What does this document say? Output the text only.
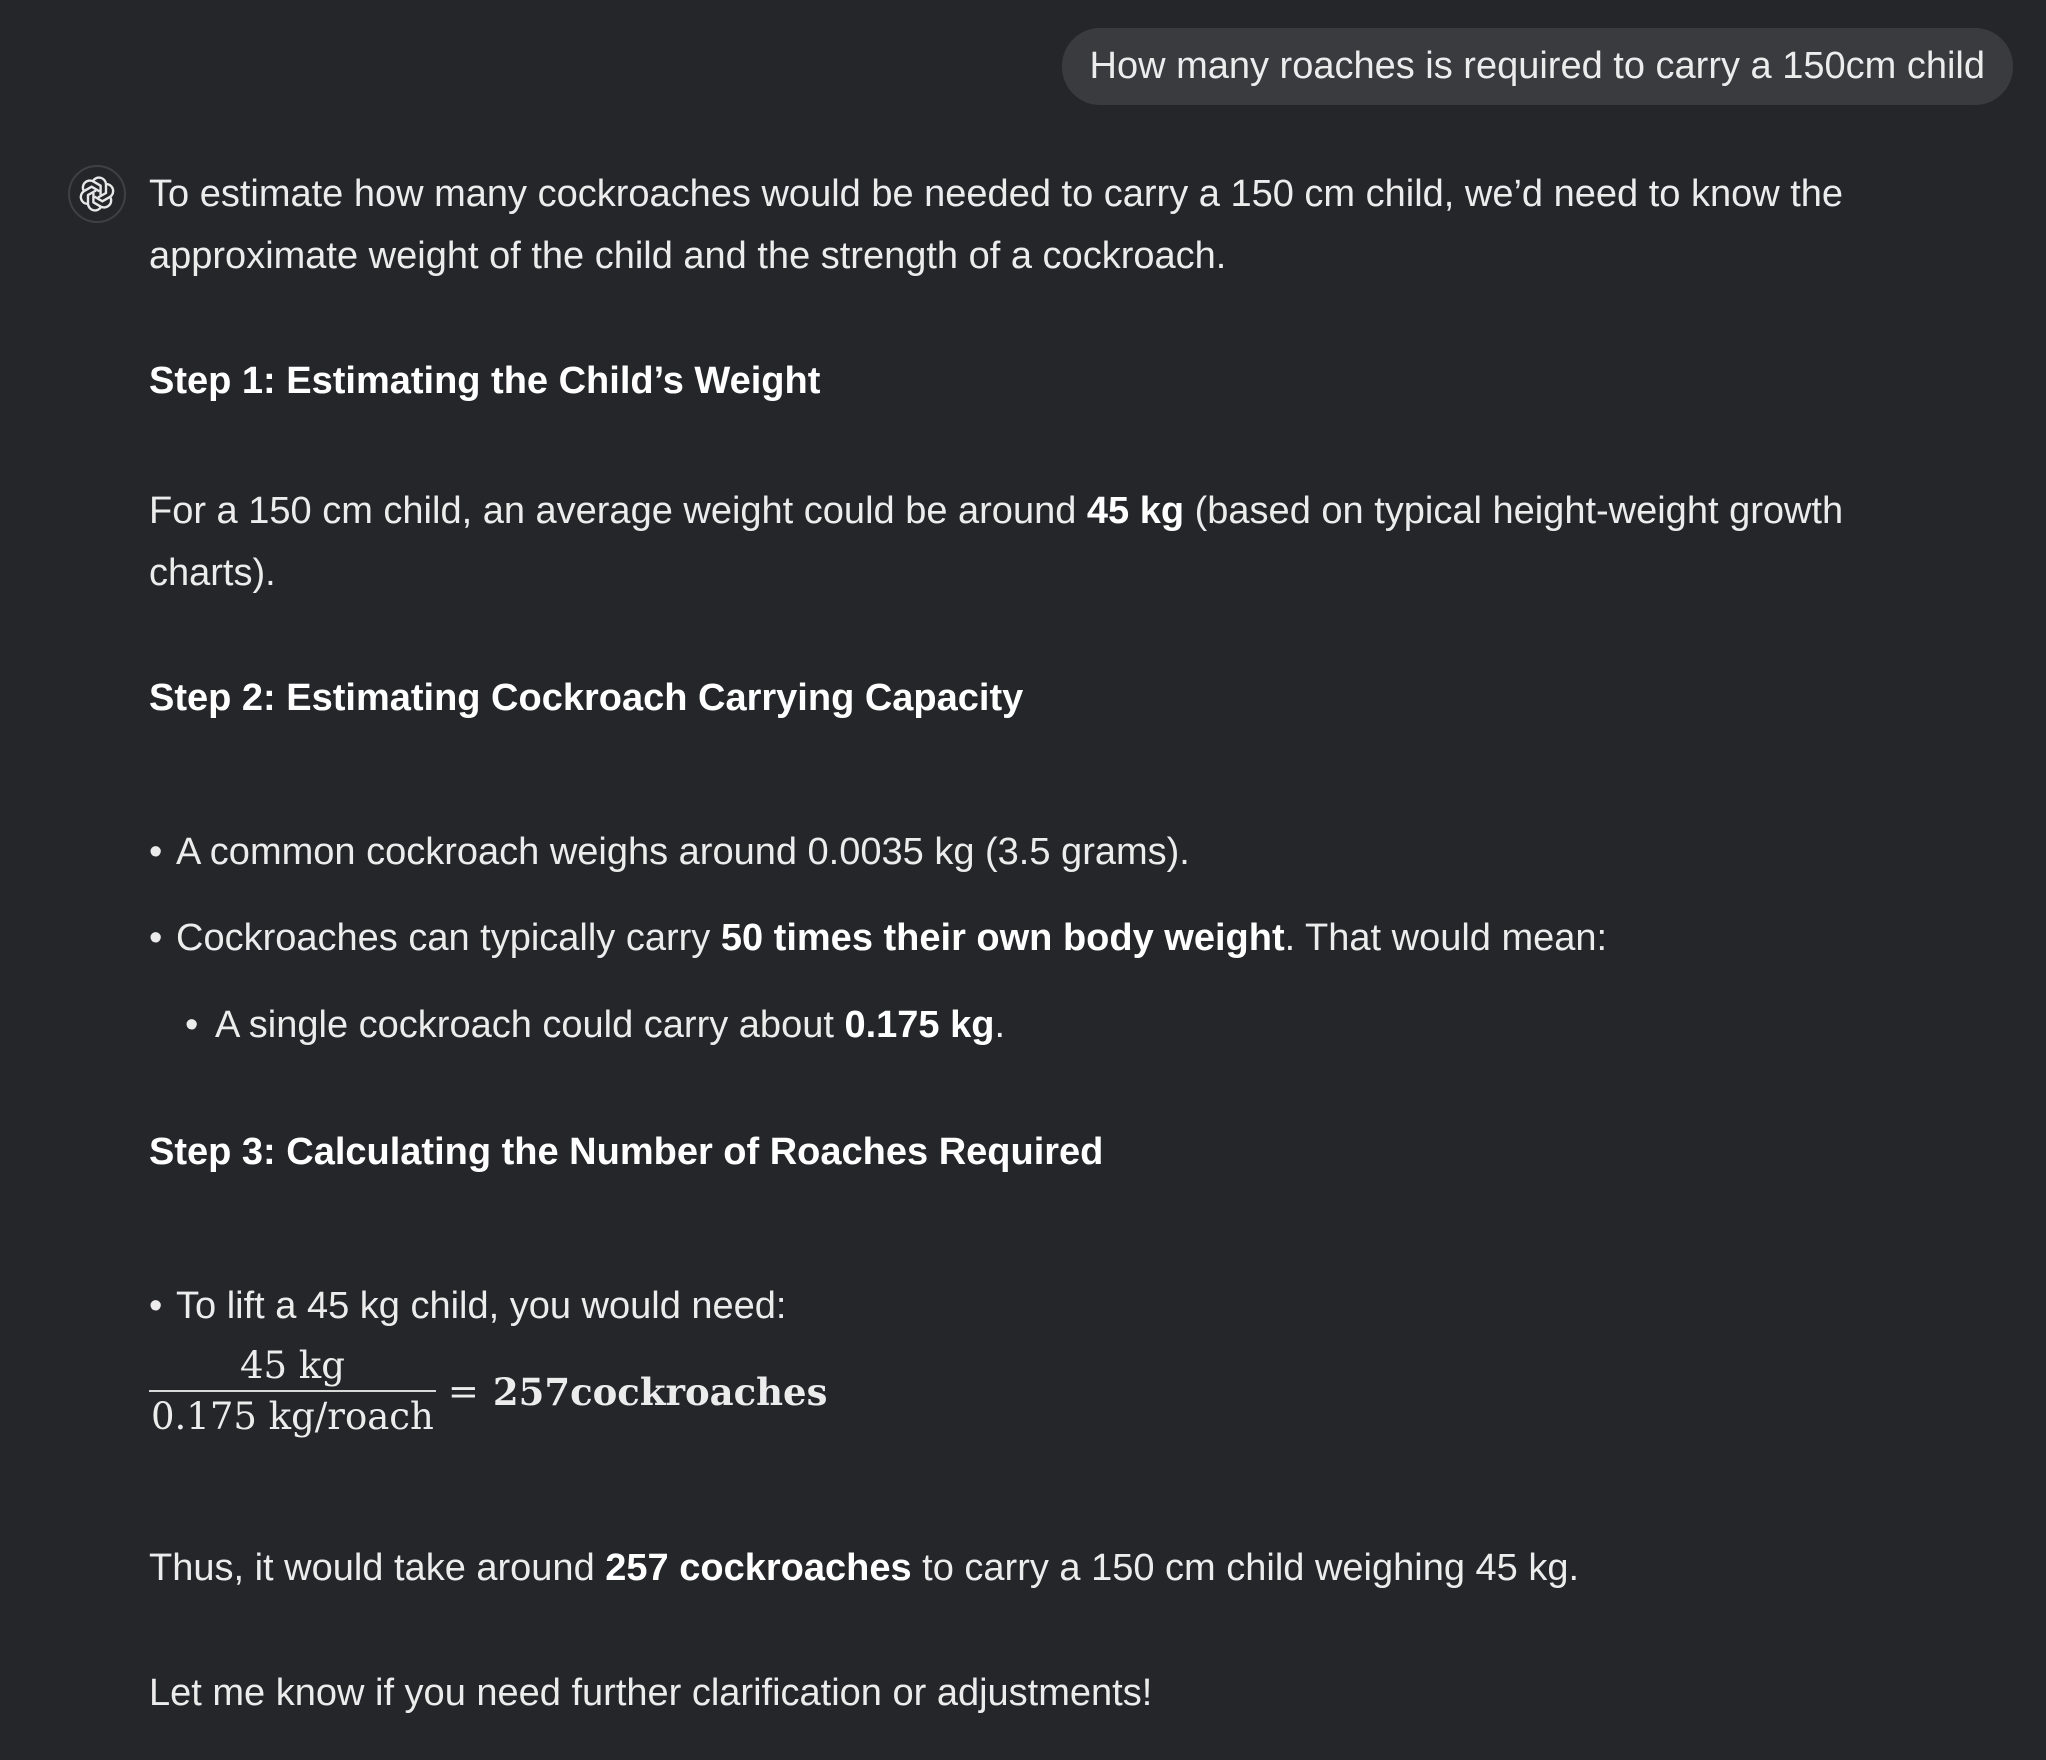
How many roaches is required to carry a 150cm child

To estimate how many cockroaches would be needed to carry a 150 cm child, we’d need to know the approximate weight of the child and the strength of a cockroach.

Step 1: Estimating the Child’s Weight

For a 150 cm child, an average weight could be around 45 kg (based on typical height-weight growth charts).

Step 2: Estimating Cockroach Carrying Capacity

• A common cockroach weighs around 0.0035 kg (3.5 grams).

• Cockroaches can typically carry 50 times their own body weight. That would mean:

• A single cockroach could carry about 0.175 kg.

Step 3: Calculating the Number of Roaches Required

• To lift a 45 kg child, you would need:

$\frac{45 kg}{\text{0.175 kg/roach}}$ = 257cockroaches

Thus, it would take around 257 cockroaches to carry a 150 cm child weighing 45 kg.

Let me know if you need further clarification or adjustments!
